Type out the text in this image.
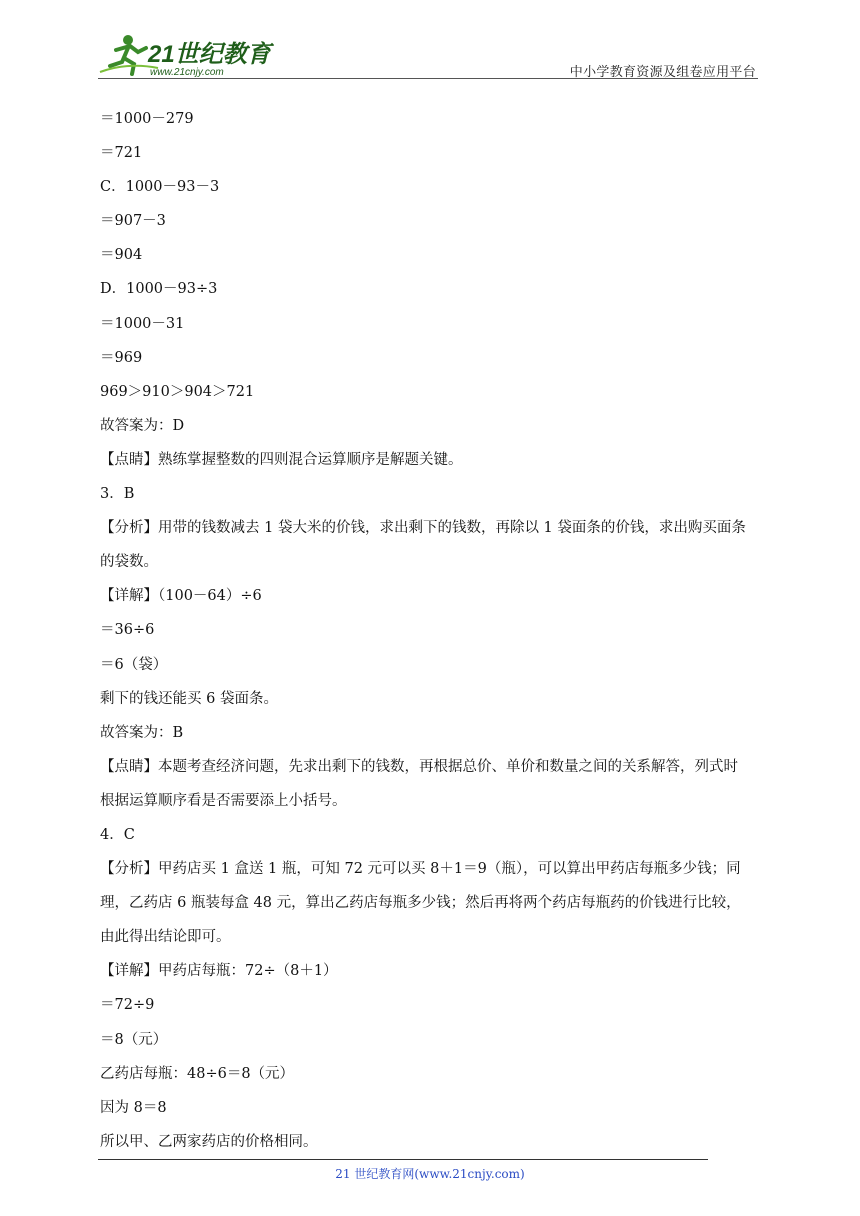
21世纪教育
www.21cnjy.com	中小学教育资源及组卷应用平台
＝1000－279
＝721
C．1000－93－3
＝907－3
＝904
D．1000－93÷3
＝1000－31
＝969
969＞910＞904＞721
故答案为：D
【点睛】熟练掌握整数的四则混合运算顺序是解题关键。
3．B
【分析】用带的钱数减去 1 袋大米的价钱，求出剩下的钱数，再除以 1 袋面条的价钱，求出购买面条
的袋数。
【详解】（100－64）÷6
＝36÷6
＝6（袋）
剩下的钱还能买 6 袋面条。
故答案为：B
【点睛】本题考查经济问题，先求出剩下的钱数，再根据总价、单价和数量之间的关系解答，列式时
根据运算顺序看是否需要添上小括号。
4．C
【分析】甲药店买 1 盒送 1 瓶，可知 72 元可以买 8＋1＝9（瓶），可以算出甲药店每瓶多少钱；同
理，乙药店 6 瓶装每盒 48 元，算出乙药店每瓶多少钱；然后再将两个药店每瓶药的价钱进行比较，
由此得出结论即可。
【详解】甲药店每瓶：72÷（8＋1）
＝72÷9
＝8（元）
乙药店每瓶：48÷6＝8（元）
因为 8＝8
所以甲、乙两家药店的价格相同。
21 世纪教育网(www.21cnjy.com)
